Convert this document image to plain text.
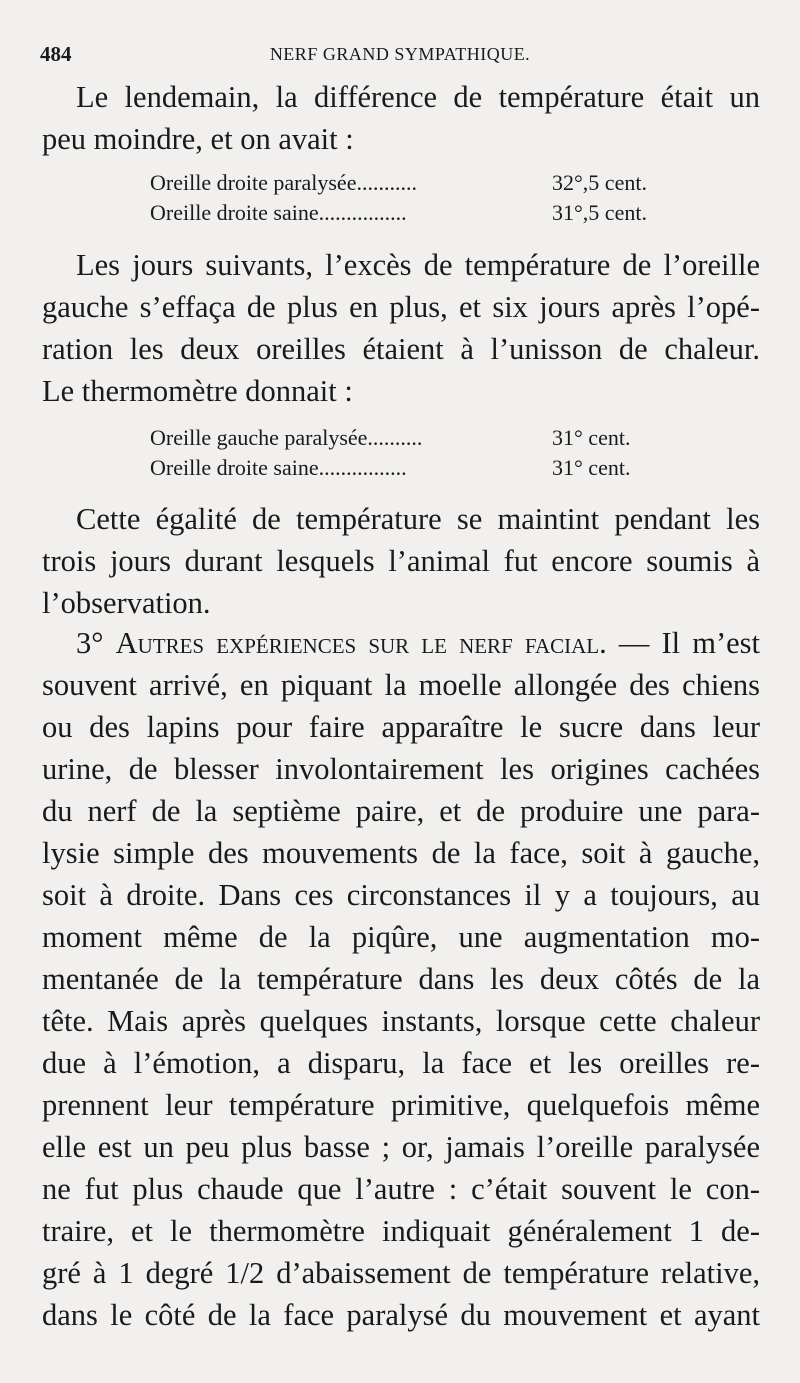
484	NERF GRAND SYMPATHIQUE.
Le lendemain, la différence de température était un
peu moindre, et on avait :
Oreille droite paralysée...........	32°,5 cent.
Oreille droite saine................	31°,5 cent.
Les jours suivants, l’excès de température de l’oreille
gauche s’effaça de plus en plus, et six jours après l’opé-
ration les deux oreilles étaient à l’unisson de chaleur.
Le thermomètre donnait :
Oreille gauche paralysée..........	31° cent.
Oreille droite saine................	31° cent.
Cette égalité de température se maintint pendant les
trois jours durant lesquels l’animal fut encore soumis à
l’observation.
3° Autres expériences sur le nerf facial. — Il m’est
souvent arrivé, en piquant la moelle allongée des chiens
ou des lapins pour faire apparaître le sucre dans leur
urine, de blesser involontairement les origines cachées
du nerf de la septième paire, et de produire une para-
lysie simple des mouvements de la face, soit à gauche,
soit à droite. Dans ces circonstances il y a toujours, au
moment même de la piqûre, une augmentation mo-
mentanée de la température dans les deux côtés de la
tête. Mais après quelques instants, lorsque cette chaleur
due à l’émotion, a disparu, la face et les oreilles re-
prennent leur température primitive, quelquefois même
elle est un peu plus basse ; or, jamais l’oreille paralysée
ne fut plus chaude que l’autre : c’était souvent le con-
traire, et le thermomètre indiquait généralement 1 de-
gré à 1 degré 1/2 d’abaissement de température relative,
dans le côté de la face paralysé du mouvement et ayant
